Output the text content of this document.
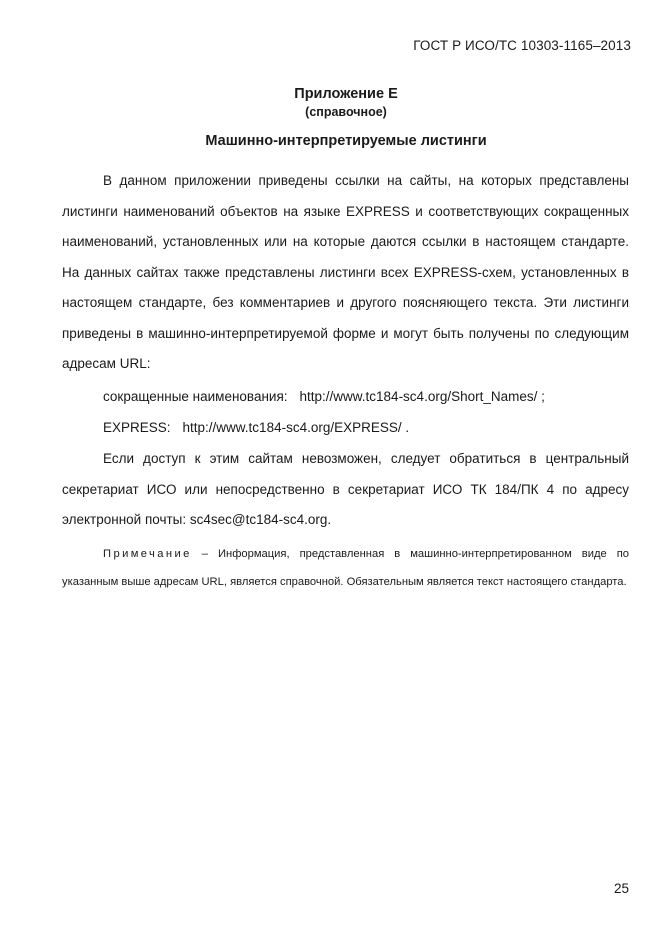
ГОСТ Р ИСО/ТС 10303-1165–2013
Приложение Е
(справочное)
Машинно-интерпретируемые листинги
В данном приложении приведены ссылки на сайты, на которых представлены листинги наименований объектов на языке EXPRESS и соответствующих сокращенных наименований, установленных или на которые даются ссылки в настоящем стандарте. На данных сайтах также представлены листинги всех EXPRESS-схем, установленных в настоящем стандарте, без комментариев и другого поясняющего текста. Эти листинги приведены в машинно-интерпретируемой форме и могут быть получены по следующим адресам URL:
сокращенные наименования: http://www.tc184-sc4.org/Short_Names/ ;
EXPRESS: http://www.tc184-sc4.org/EXPRESS/ .
Если доступ к этим сайтам невозможен, следует обратиться в центральный секретариат ИСО или непосредственно в секретариат ИСО ТК 184/ПК 4 по адресу электронной почты: sc4sec@tc184-sc4.org.
Примечание – Информация, представленная в машинно-интерпретированном виде по указанным выше адресам URL, является справочной. Обязательным является текст настоящего стандарта.
25
